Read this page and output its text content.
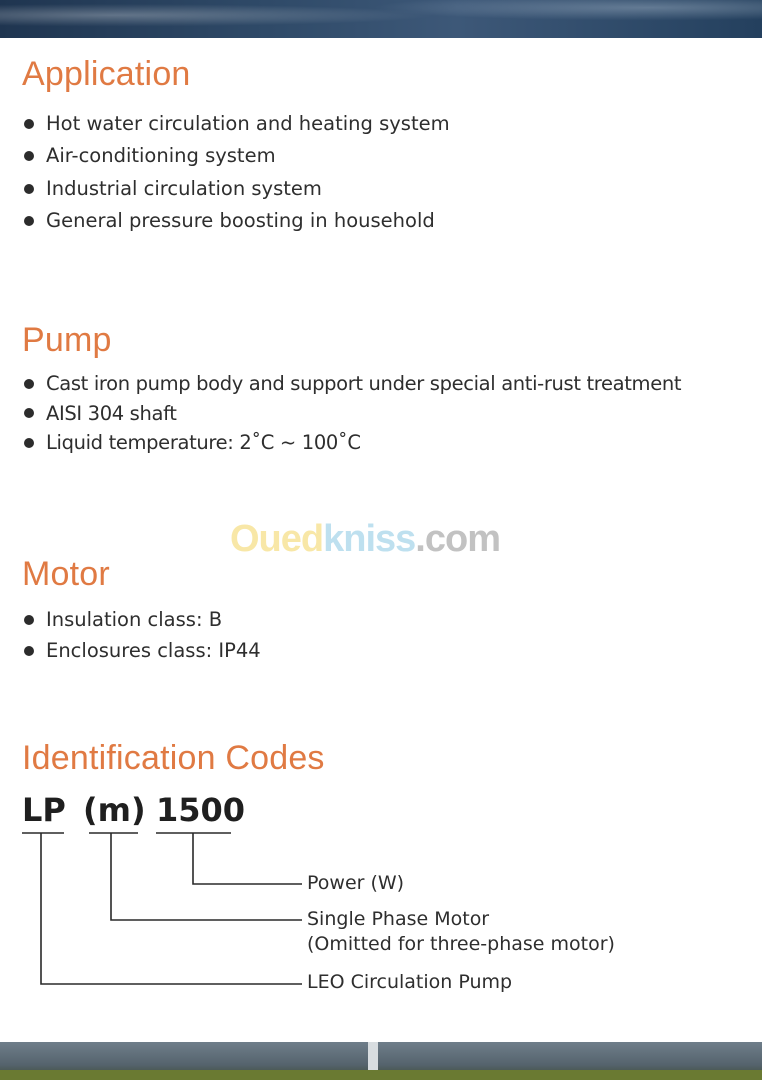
Application
Hot water circulation and heating system
Air-conditioning system
Industrial circulation system
General pressure boosting in household
Pump
Cast iron pump body and support under special anti-rust treatment
AISI 304 shaft
Liquid temperature: 2˚C ~ 100˚C
Ouedkniss.com
Motor
Insulation class: B
Enclosures class: IP44
Identification Codes
LP (m) 1500
Power (W)
Single Phase Motor
(Omitted for three-phase motor)
LEO Circulation Pump
